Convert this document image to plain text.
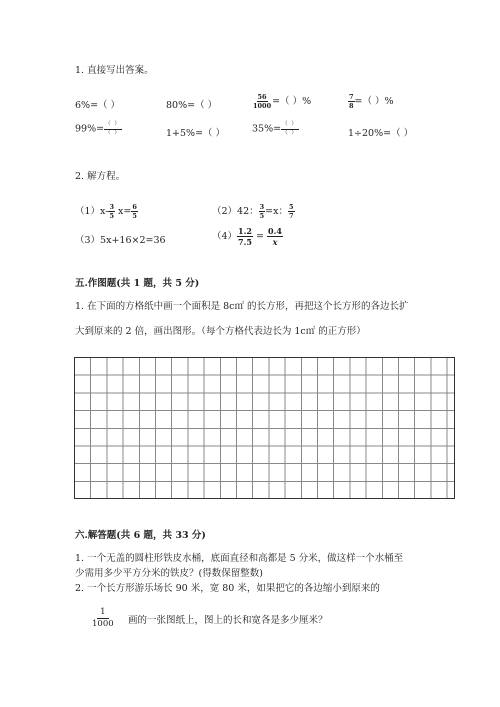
1. 直接写出答案。
6%=（ ）	80%=（ ）	$\frac{56}{1000}$ =（ ）%	$\frac{7}{8}$ =（ ）%
$99\%= \frac{( )}{( )}$	1+5%=（ ）	$35\%= \frac{( )}{( )}$	1÷20%=（ ）
2. 解方程。
$(1)x- \frac{3}{5} x= \frac{6}{5}$	（2）42： $\frac{3}{5} =x$： $\frac{5}{7}$
（3）5x+16×2=36	$(4) \frac{1.2}{7.5} = \frac{0.4}{x}$
五.作图题(共 1 题，共 5 分)
1. 在下面的方格纸中画一个面积是 8c㎡ 的长方形，再把这个长方形的各边长扩
大到原来的 2 倍，画出图形。（每个方格代表边长为 1c㎡ 的正方形）
六.解答题(共 6 题，共 33 分)
1. 一个无盖的圆柱形铁皮水桶，底面直径和高都是 5 分米，做这样一个水桶至
少需用多少平方分米的铁皮？(得数保留整数)
2. 一个长方形游乐场长 90 米，宽 80 米，如果把它的各边缩小到原来的
$\frac{1}{1000}$ 画的一张图纸上，图上的长和宽各是多少厘米？
